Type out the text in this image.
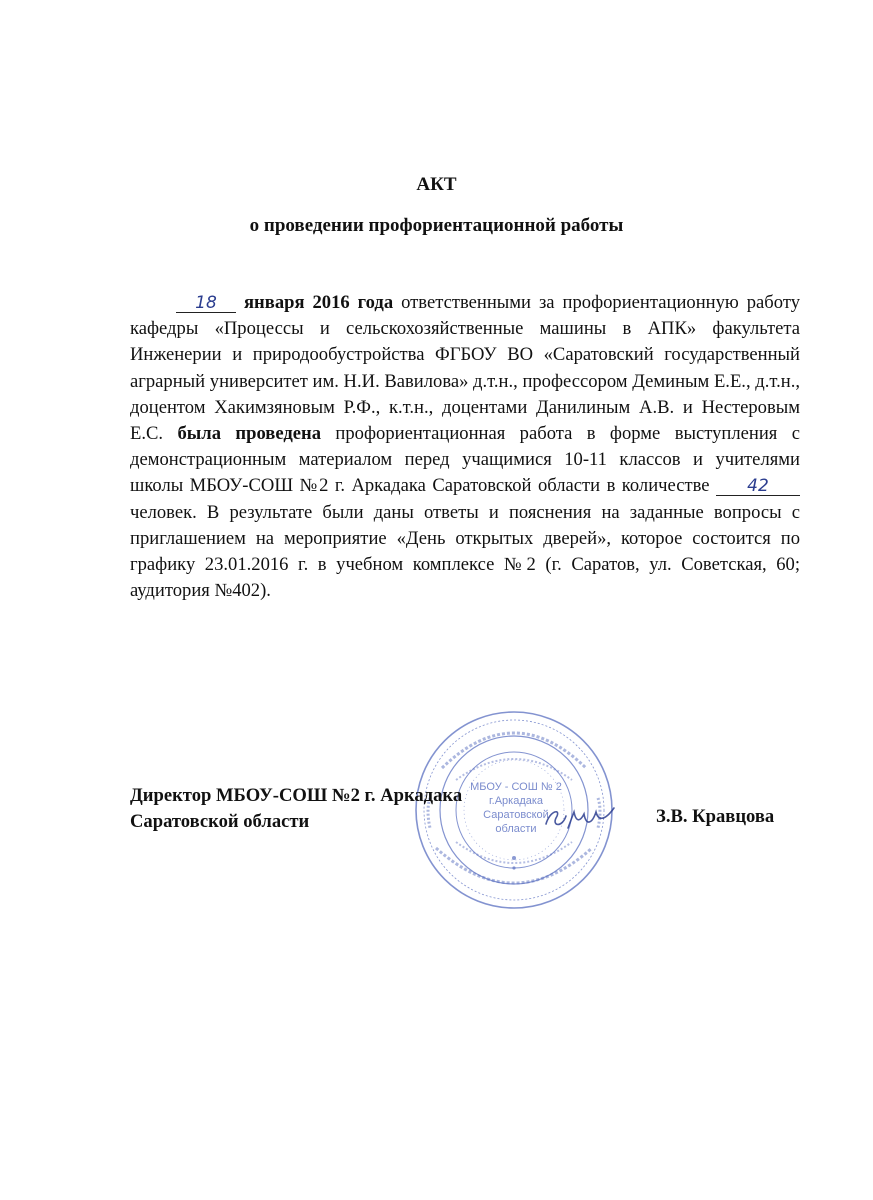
АКТ
о проведении профориентационной работы
18 января 2016 года ответственными за профориентационную работу кафедры «Процессы и сельскохозяйственные машины в АПК» факультета Инженерии и природообустройства ФГБОУ ВО «Саратовский государственный аграрный университет им. Н.И. Вавилова» д.т.н., профессором Деминым Е.Е., д.т.н., доцентом Хакимзяновым Р.Ф., к.т.н., доцентами Данилиным А.В. и Нестеровым Е.С. была проведена профориентационная работа в форме выступления с демонстрационным материалом перед учащимися 10-11 классов и учителями школы МБОУ-СОШ №2 г. Аркадака Саратовской области в количестве 42 человек. В результате были даны ответы и пояснения на заданные вопросы с приглашением на мероприятие «День открытых дверей», которое состоится по графику 23.01.2016 г. в учебном комплексе №2 (г. Саратов, ул. Советская, 60; аудитория №402).
МБОУ - СОШ № 2
г.Аркадака
Саратовской
области
Директор МБОУ-СОШ №2 г. Аркадака
Саратовской области	З.В. Кравцова
